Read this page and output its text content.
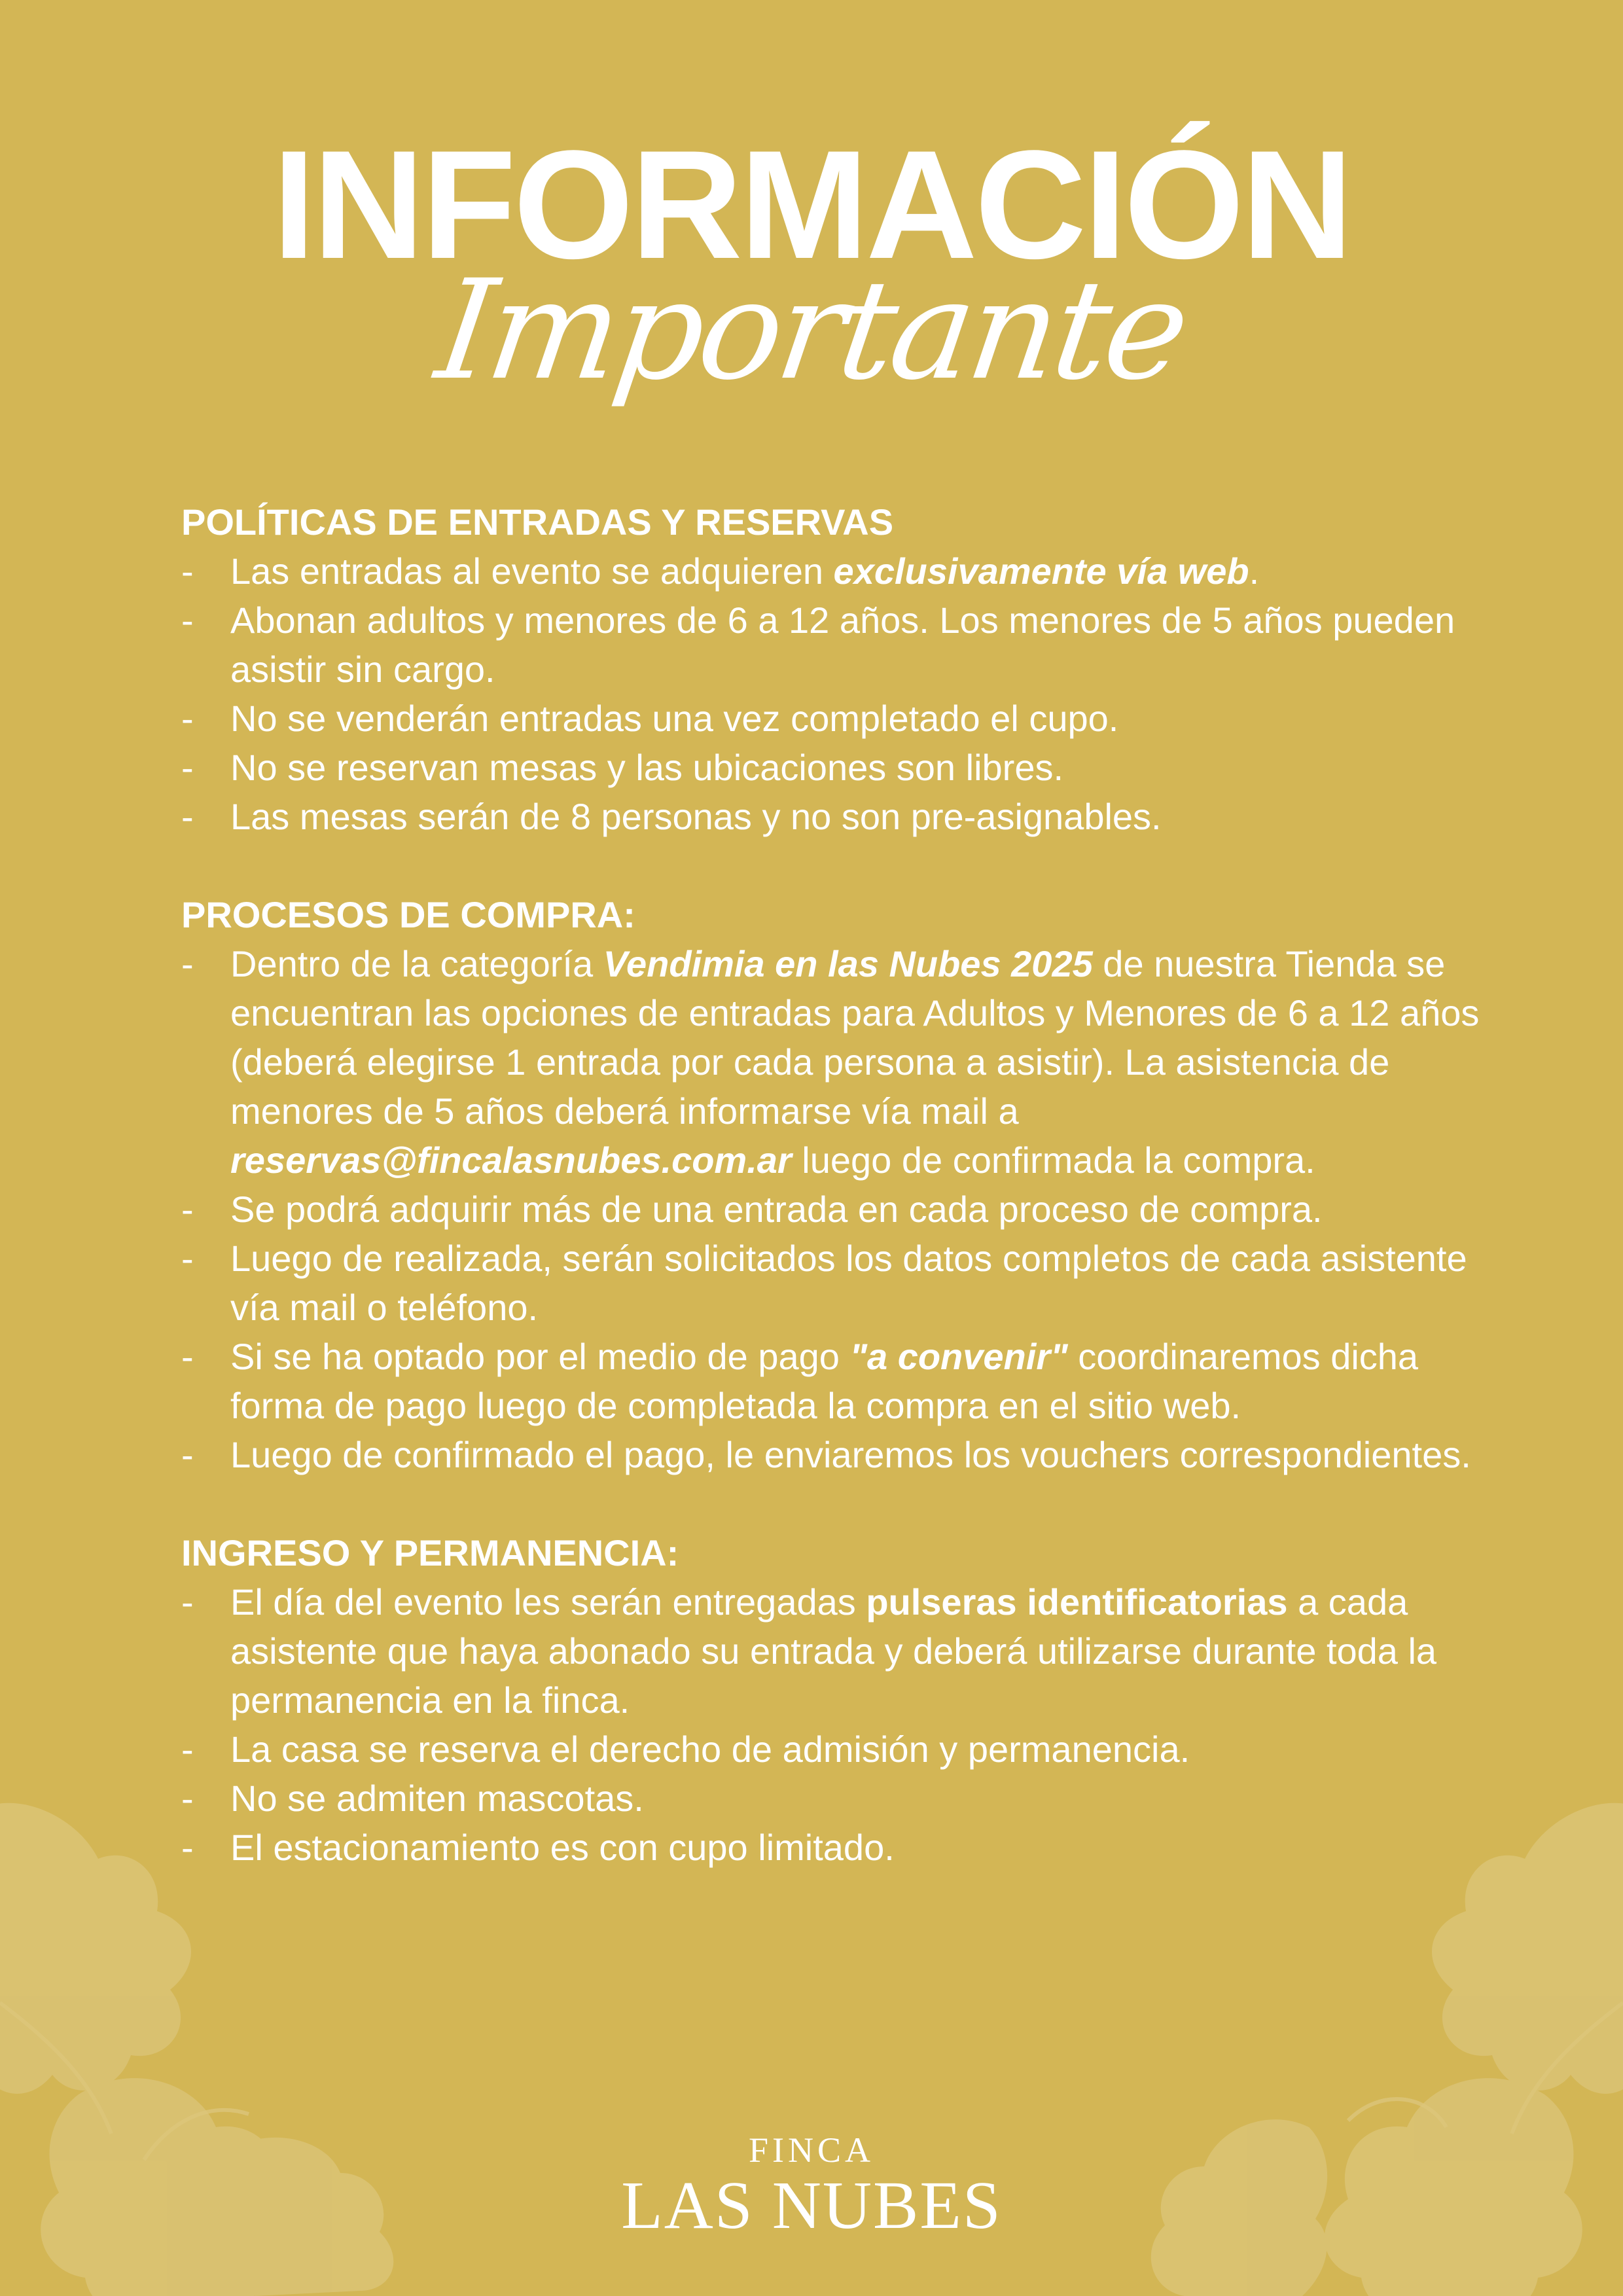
INFORMACIÓN
Importante
POLÍTICAS DE ENTRADAS Y RESERVAS
- Las entradas al evento se adquieren exclusivamente vía web.
- Abonan adultos y menores de 6 a 12 años. Los menores de 5 años pueden asistir sin cargo.
- No se venderán entradas una vez completado el cupo.
- No se reservan mesas y las ubicaciones son libres.
- Las mesas serán de 8 personas y no son pre-asignables.
PROCESOS DE COMPRA:
- Dentro de la categoría Vendimia en las Nubes 2025 de nuestra Tienda se encuentran las opciones de entradas para Adultos y Menores de 6 a 12 años (deberá elegirse 1 entrada por cada persona a asistir). La asistencia de menores de 5 años deberá informarse vía mail a reservas@fincalasnubes.com.ar luego de confirmada la compra.
- Se podrá adquirir más de una entrada en cada proceso de compra.
- Luego de realizada, serán solicitados los datos completos de cada asistente vía mail o teléfono.
- Si se ha optado por el medio de pago "a convenir" coordinaremos dicha forma de pago luego de completada la compra en el sitio web.
- Luego de confirmado el pago, le enviaremos los vouchers correspondientes.
INGRESO Y PERMANENCIA:
- El día del evento les serán entregadas pulseras identificatorias a cada asistente que haya abonado su entrada y deberá utilizarse durante toda la permanencia en la finca.
- La casa se reserva el derecho de admisión y permanencia.
- No se admiten mascotas.
- El estacionamiento es con cupo limitado.
FINCA
LAS NUBES
